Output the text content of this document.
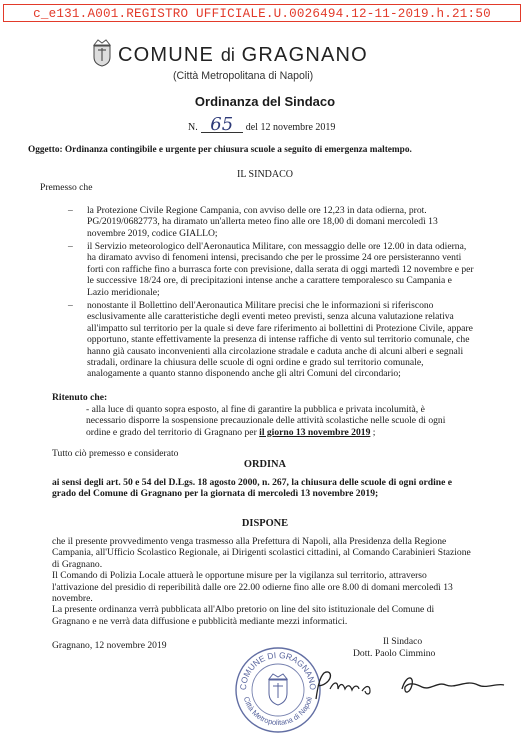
c_e131.A001.REGISTRO UFFICIALE.U.0026494.12-11-2019.h.21:50
COMUNE di GRAGNANO
(Città Metropolitana di Napoli)
Ordinanza del Sindaco
N. 65 del 12 novembre 2019
Oggetto: Ordinanza contingibile e urgente per chiusura scuole a seguito di emergenza maltempo.
IL SINDACO
Premesso che
– la Protezione Civile Regione Campania, con avviso delle ore 12,23 in data odierna, prot.
PG/2019/0682773, ha diramato un'allerta meteo fino alle ore 18,00 di domani mercoledì 13
novembre 2019, codice GIALLO;
– il Servizio meteorologico dell'Aeronautica Militare, con messaggio delle ore 12.00 in data odierna,
ha diramato avviso di fenomeni intensi, precisando che per le prossime 24 ore persisteranno venti
forti con raffiche fino a burrasca forte con previsione, dalla serata di oggi martedì 12 novembre e per
le successive 18/24 ore, di precipitazioni intense anche a carattere temporalesco su Campania e
Lazio meridionale;
– nonostante il Bollettino dell'Aeronautica Militare precisi che le informazioni si riferiscono
esclusivamente alle caratteristiche degli eventi meteo previsti, senza alcuna valutazione relativa
all'impatto sul territorio per la quale si deve fare riferimento ai bollettini di Protezione Civile, appare
opportuno, stante effettivamente la presenza di intense raffiche di vento sul territorio comunale, che
hanno già causato inconvenienti alla circolazione stradale e caduta anche di alcuni alberi e segnali
stradali, ordinare la chiusura delle scuole di ogni ordine e grado sul territorio comunale,
analogamente a quanto stanno disponendo anche gli altri Comuni del circondario;
Ritenuto che:
- alla luce di quanto sopra esposto, al fine di garantire la pubblica e privata incolumità, è
necessario disporre la sospensione precauzionale delle attività scolastiche nelle scuole di ogni
ordine e grado del territorio di Gragnano per il giorno 13 novembre 2019 ;
Tutto ciò premesso e considerato
ORDINA
ai sensi degli art. 50 e 54 del D.Lgs. 18 agosto 2000, n. 267, la chiusura delle scuole di ogni ordine e
grado del Comune di Gragnano per la giornata di mercoledì 13 novembre 2019;
DISPONE
che il presente provvedimento venga trasmesso alla Prefettura di Napoli, alla Presidenza della Regione
Campania, all'Ufficio Scolastico Regionale, ai Dirigenti scolastici cittadini, al Comando Carabinieri Stazione
di Gragnano.
Il Comando di Polizia Locale attuerà le opportune misure per la vigilanza sul territorio, attraverso
l'attivazione del presidio di reperibilità dalle ore 22.00 odierne fino alle ore 8.00 di domani mercoledì 13
novembre.
La presente ordinanza verrà pubblicata all'Albo pretorio on line del sito istituzionale del Comune di
Gragnano e ne verrà data diffusione e pubblicità mediante mezzi informatici.
Gragnano, 12 novembre 2019	Il Sindaco
Dott. Paolo Cimmino
COMUNE DI GRAGNANO
Città Metropolitana di Napoli
